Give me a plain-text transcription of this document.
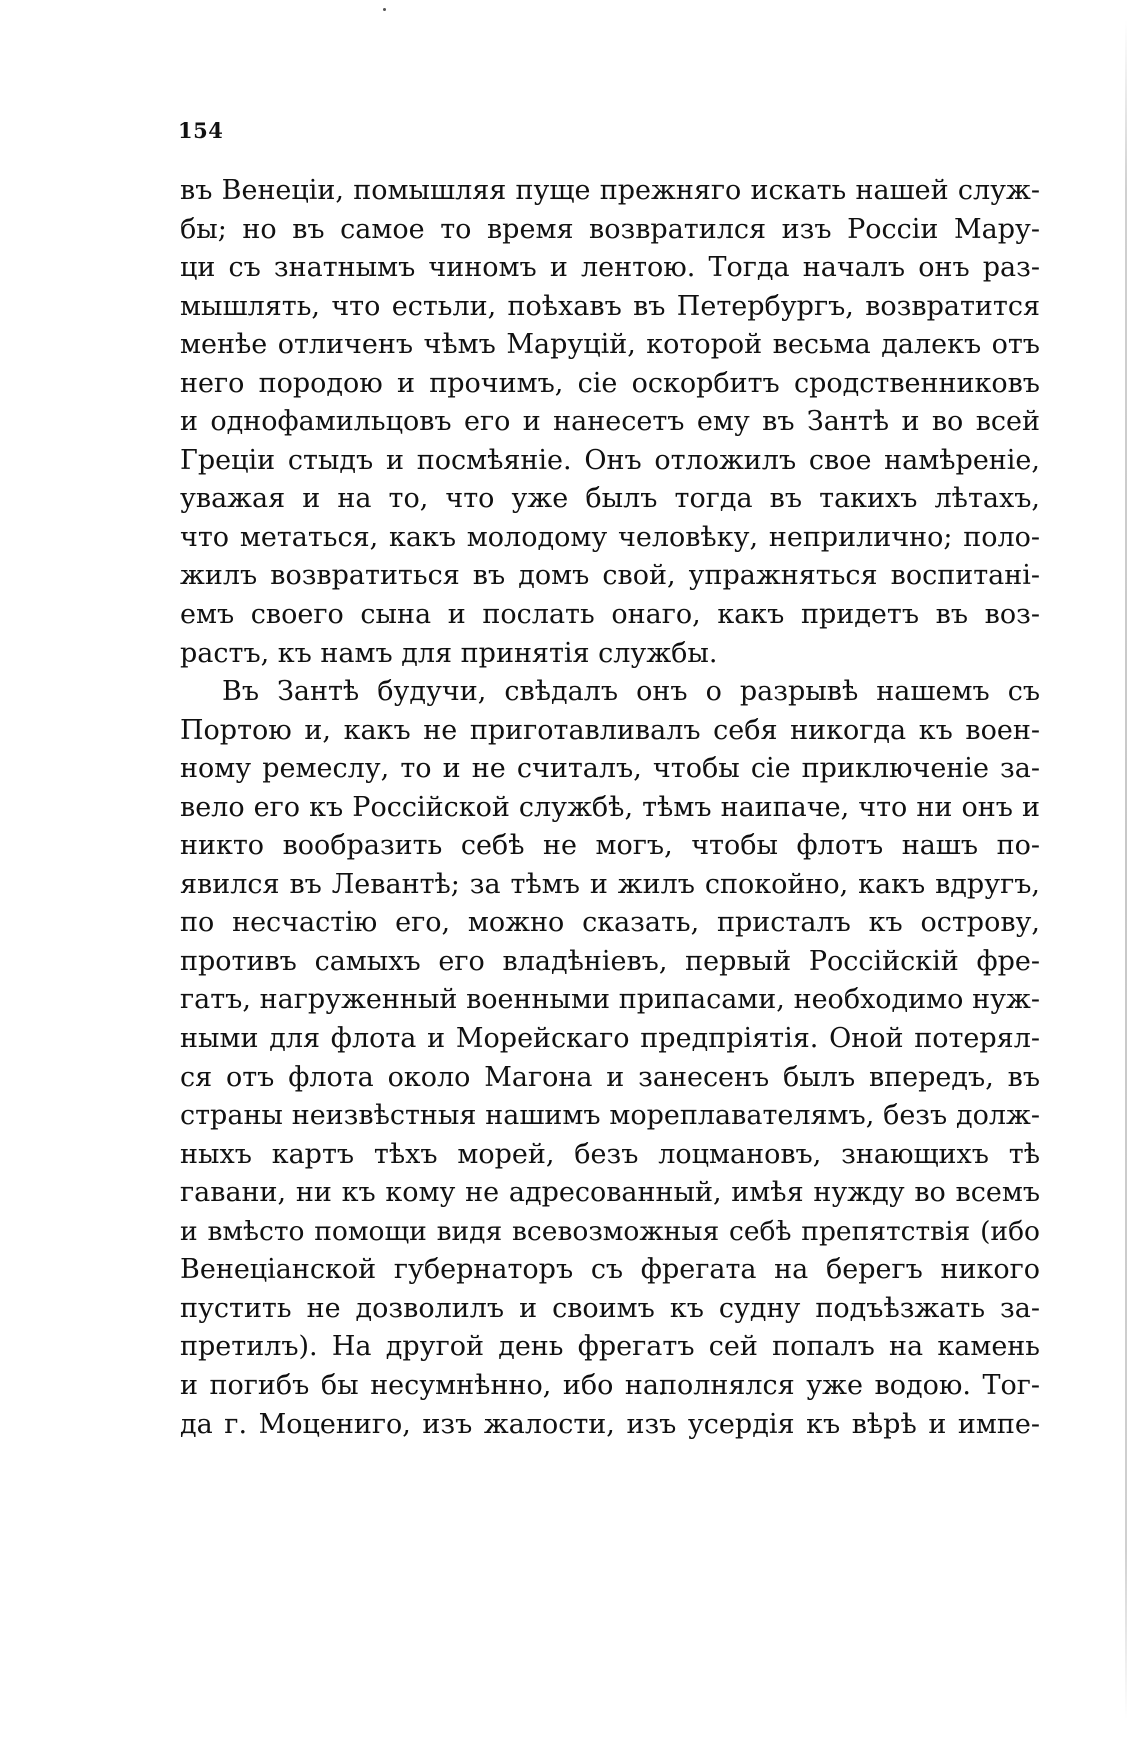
154
въ Венеціи, помышляя пуще прежняго искать нашей служ-
бы; но въ самое то время возвратился изъ Россіи Мару-
ци съ знатнымъ чиномъ и лентою. Тогда началъ онъ раз-
мышлять, что естьли, поѣхавъ въ Петербургъ, возвратится
менѣе отличенъ чѣмъ Маруцій, которой весьма далекъ отъ
него породою и прочимъ, сіе оскорбитъ сродственниковъ
и однофамильцовъ его и нанесетъ ему въ Зантѣ и во всей
Греціи стыдъ и посмѣяніе. Онъ отложилъ свое намѣреніе,
уважая и на то, что уже былъ тогда въ такихъ лѣтахъ,
что метаться, какъ молодому человѣку, неприлично; поло-
жилъ возвратиться въ домъ свой, упражняться воспитані-
емъ своего сына и послать онаго, какъ придетъ въ воз-
растъ, къ намъ для принятія службы.
Въ Зантѣ будучи, свѣдалъ онъ о разрывѣ нашемъ съ
Портою и, какъ не приготавливалъ себя никогда къ воен-
ному ремеслу, то и не считалъ, чтобы сіе приключеніе за-
вело его къ Россійской службѣ, тѣмъ наипаче, что ни онъ и
никто вообразить себѣ не могъ, чтобы флотъ нашъ по-
явился въ Левантѣ; за тѣмъ и жилъ спокойно, какъ вдругъ,
по несчастію его, можно сказать, присталъ къ острову,
противъ самыхъ его владѣніевъ, первый Россійскій фре-
гатъ, нагруженный военными припасами, необходимо нуж-
ными для флота и Морейскаго предпріятія. Оной потерял-
ся отъ флота около Магона и занесенъ былъ впередъ, въ
страны неизвѣстныя нашимъ мореплавателямъ, безъ долж-
ныхъ картъ тѣхъ морей, безъ лоцмановъ, знающихъ тѣ
гавани, ни къ кому не адресованный, имѣя нужду во всемъ
и вмѣсто помощи видя всевозможныя себѣ препятствія (ибо
Венеціанской губернаторъ съ фрегата на берегъ никого
пустить не дозволилъ и своимъ къ судну подъѣзжать за-
претилъ). На другой день фрегатъ сей попалъ на камень
и погибъ бы несумнѣнно, ибо наполнялся уже водою. Тог-
да г. Моцениго, изъ жалости, изъ усердія къ вѣрѣ и импе-
